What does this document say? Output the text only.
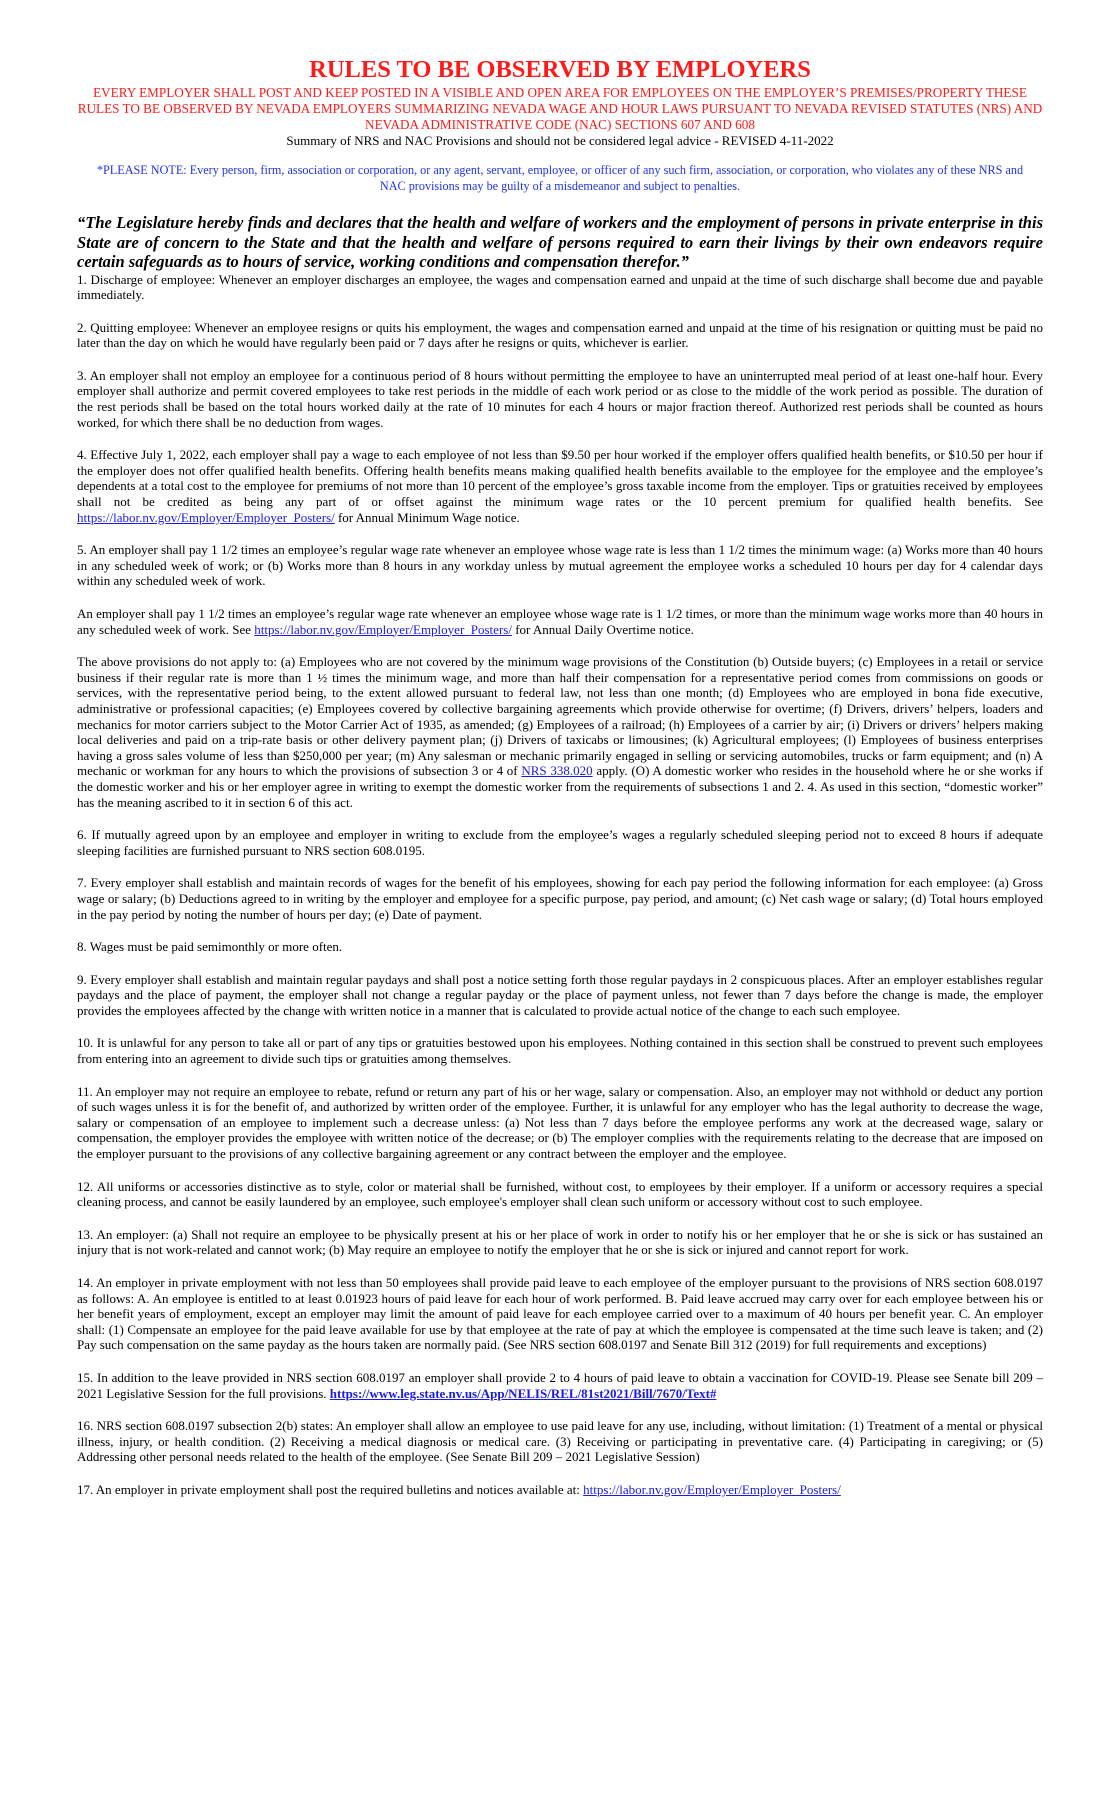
RULES TO BE OBSERVED BY EMPLOYERS

EVERY EMPLOYER SHALL POST AND KEEP POSTED IN A VISIBLE AND OPEN AREA FOR EMPLOYEES ON THE EMPLOYER’S PREMISES/PROPERTY THESE RULES TO BE OBSERVED BY NEVADA EMPLOYERS SUMMARIZING NEVADA WAGE AND HOUR LAWS PURSUANT TO NEVADA REVISED STATUTES (NRS) AND NEVADA ADMINISTRATIVE CODE (NAC) SECTIONS 607 AND 608

Summary of NRS and NAC Provisions and should not be considered legal advice - REVISED 4-11-2022

*PLEASE NOTE: Every person, firm, association or corporation, or any agent, servant, employee, or officer of any such firm, association, or corporation, who violates any of these NRS and NAC provisions may be guilty of a misdemeanor and subject to penalties.

“The Legislature hereby finds and declares that the health and welfare of workers and the employment of persons in private enterprise in this State are of concern to the State and that the health and welfare of persons required to earn their livings by their own endeavors require certain safeguards as to hours of service, working conditions and compensation therefor.”

1. Discharge of employee: Whenever an employer discharges an employee, the wages and compensation earned and unpaid at the time of such discharge shall become due and payable immediately.

2. Quitting employee: Whenever an employee resigns or quits his employment, the wages and compensation earned and unpaid at the time of his resignation or quitting must be paid no later than the day on which he would have regularly been paid or 7 days after he resigns or quits, whichever is earlier.

3. An employer shall not employ an employee for a continuous period of 8 hours without permitting the employee to have an uninterrupted meal period of at least one-half hour. Every employer shall authorize and permit covered employees to take rest periods in the middle of each work period or as close to the middle of the work period as possible. The duration of the rest periods shall be based on the total hours worked daily at the rate of 10 minutes for each 4 hours or major fraction thereof. Authorized rest periods shall be counted as hours worked, for which there shall be no deduction from wages.

4. Effective July 1, 2022, each employer shall pay a wage to each employee of not less than $9.50 per hour worked if the employer offers qualified health benefits, or $10.50 per hour if the employer does not offer qualified health benefits. Offering health benefits means making qualified health benefits available to the employee for the employee and the employee’s dependents at a total cost to the employee for premiums of not more than 10 percent of the employee’s gross taxable income from the employer. Tips or gratuities received by employees shall not be credited as being any part of or offset against the minimum wage rates or the 10 percent premium for qualified health benefits. See https://labor.nv.gov/Employer/Employer_Posters/ for Annual Minimum Wage notice.

5. An employer shall pay 1 1/2 times an employee’s regular wage rate whenever an employee whose wage rate is less than 1 1/2 times the minimum wage: (a) Works more than 40 hours in any scheduled week of work; or (b) Works more than 8 hours in any workday unless by mutual agreement the employee works a scheduled 10 hours per day for 4 calendar days within any scheduled week of work.

An employer shall pay 1 1/2 times an employee’s regular wage rate whenever an employee whose wage rate is 1 1/2 times, or more than the minimum wage works more than 40 hours in any scheduled week of work. See https://labor.nv.gov/Employer/Employer_Posters/ for Annual Daily Overtime notice.

The above provisions do not apply to: (a) Employees who are not covered by the minimum wage provisions of the Constitution (b) Outside buyers; (c) Employees in a retail or service business if their regular rate is more than 1 ½ times the minimum wage, and more than half their compensation for a representative period comes from commissions on goods or services, with the representative period being, to the extent allowed pursuant to federal law, not less than one month; (d) Employees who are employed in bona fide executive, administrative or professional capacities; (e) Employees covered by collective bargaining agreements which provide otherwise for overtime; (f) Drivers, drivers’ helpers, loaders and mechanics for motor carriers subject to the Motor Carrier Act of 1935, as amended; (g) Employees of a railroad; (h) Employees of a carrier by air; (i) Drivers or drivers’ helpers making local deliveries and paid on a trip-rate basis or other delivery payment plan; (j) Drivers of taxicabs or limousines; (k) Agricultural employees; (l) Employees of business enterprises having a gross sales volume of less than $250,000 per year; (m) Any salesman or mechanic primarily engaged in selling or servicing automobiles, trucks or farm equipment; and (n) A mechanic or workman for any hours to which the provisions of subsection 3 or 4 of NRS 338.020 apply. (O) A domestic worker who resides in the household where he or she works if the domestic worker and his or her employer agree in writing to exempt the domestic worker from the requirements of subsections 1 and 2. 4. As used in this section, “domestic worker” has the meaning ascribed to it in section 6 of this act.

6. If mutually agreed upon by an employee and employer in writing to exclude from the employee’s wages a regularly scheduled sleeping period not to exceed 8 hours if adequate sleeping facilities are furnished pursuant to NRS section 608.0195.

7. Every employer shall establish and maintain records of wages for the benefit of his employees, showing for each pay period the following information for each employee: (a) Gross wage or salary; (b) Deductions agreed to in writing by the employer and employee for a specific purpose, pay period, and amount; (c) Net cash wage or salary; (d) Total hours employed in the pay period by noting the number of hours per day; (e) Date of payment.

8. Wages must be paid semimonthly or more often.

9. Every employer shall establish and maintain regular paydays and shall post a notice setting forth those regular paydays in 2 conspicuous places. After an employer establishes regular paydays and the place of payment, the employer shall not change a regular payday or the place of payment unless, not fewer than 7 days before the change is made, the employer provides the employees affected by the change with written notice in a manner that is calculated to provide actual notice of the change to each such employee.

10. It is unlawful for any person to take all or part of any tips or gratuities bestowed upon his employees. Nothing contained in this section shall be construed to prevent such employees from entering into an agreement to divide such tips or gratuities among themselves.

11. An employer may not require an employee to rebate, refund or return any part of his or her wage, salary or compensation. Also, an employer may not withhold or deduct any portion of such wages unless it is for the benefit of, and authorized by written order of the employee. Further, it is unlawful for any employer who has the legal authority to decrease the wage, salary or compensation of an employee to implement such a decrease unless: (a) Not less than 7 days before the employee performs any work at the decreased wage, salary or compensation, the employer provides the employee with written notice of the decrease; or (b) The employer complies with the requirements relating to the decrease that are imposed on the employer pursuant to the provisions of any collective bargaining agreement or any contract between the employer and the employee.

12. All uniforms or accessories distinctive as to style, color or material shall be furnished, without cost, to employees by their employer. If a uniform or accessory requires a special cleaning process, and cannot be easily laundered by an employee, such employee's employer shall clean such uniform or accessory without cost to such employee.

13. An employer: (a) Shall not require an employee to be physically present at his or her place of work in order to notify his or her employer that he or she is sick or has sustained an injury that is not work-related and cannot work; (b) May require an employee to notify the employer that he or she is sick or injured and cannot report for work.

14. An employer in private employment with not less than 50 employees shall provide paid leave to each employee of the employer pursuant to the provisions of NRS section 608.0197 as follows: A. An employee is entitled to at least 0.01923 hours of paid leave for each hour of work performed. B. Paid leave accrued may carry over for each employee between his or her benefit years of employment, except an employer may limit the amount of paid leave for each employee carried over to a maximum of 40 hours per benefit year. C. An employer shall: (1) Compensate an employee for the paid leave available for use by that employee at the rate of pay at which the employee is compensated at the time such leave is taken; and (2) Pay such compensation on the same payday as the hours taken are normally paid. (See NRS section 608.0197 and Senate Bill 312 (2019) for full requirements and exceptions)

15. In addition to the leave provided in NRS section 608.0197 an employer shall provide 2 to 4 hours of paid leave to obtain a vaccination for COVID-19. Please see Senate bill 209 – 2021 Legislative Session for the full provisions. https://www.leg.state.nv.us/App/NELIS/REL/81st2021/Bill/7670/Text#

16. NRS section 608.0197 subsection 2(b) states: An employer shall allow an employee to use paid leave for any use, including, without limitation: (1) Treatment of a mental or physical illness, injury, or health condition. (2) Receiving a medical diagnosis or medical care. (3) Receiving or participating in preventative care. (4) Participating in caregiving; or (5) Addressing other personal needs related to the health of the employee. (See Senate Bill 209 – 2021 Legislative Session)

17. An employer in private employment shall post the required bulletins and notices available at: https://labor.nv.gov/Employer/Employer_Posters/
